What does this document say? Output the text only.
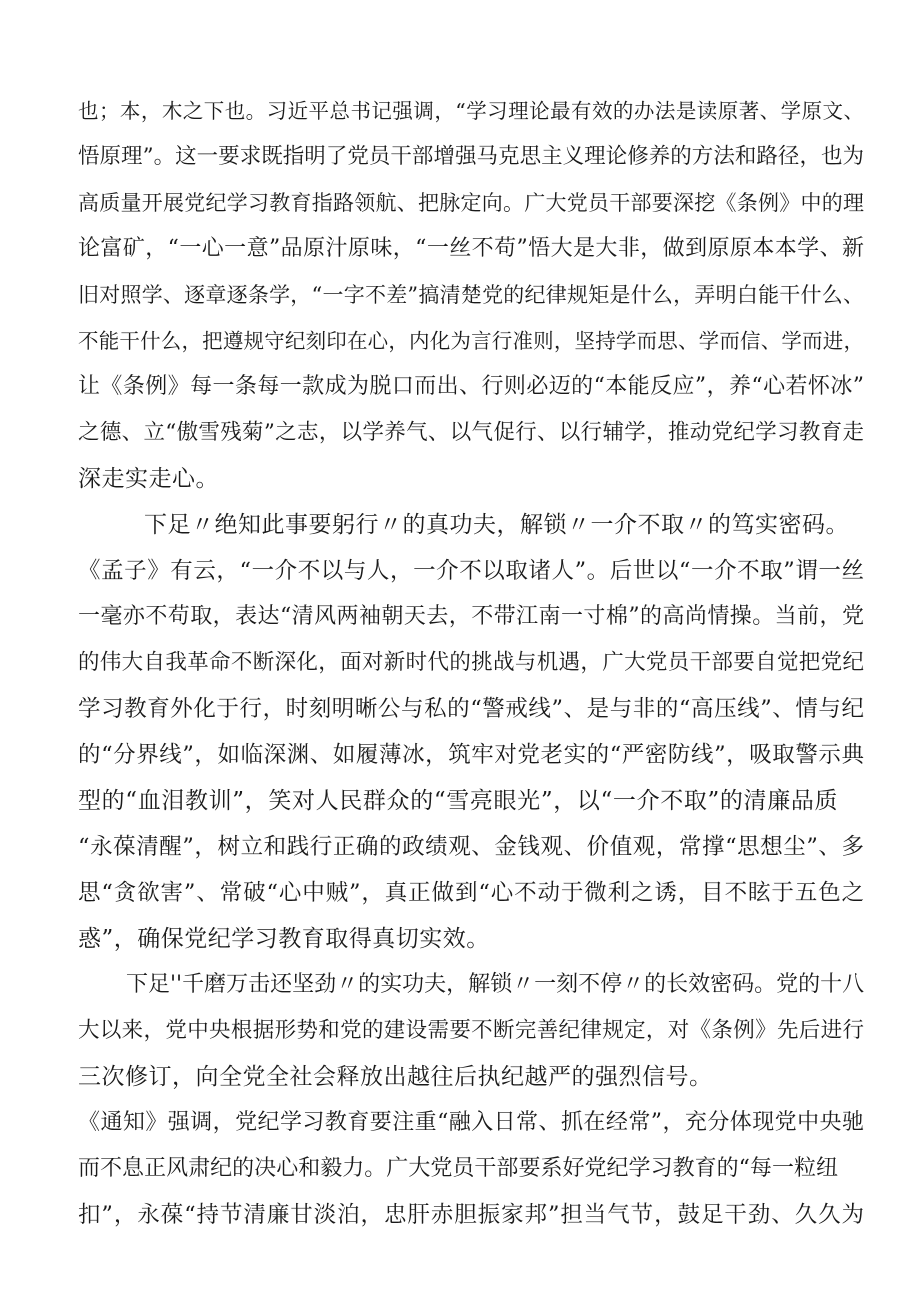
也；本，木之下也。习近平总书记强调，“学习理论最有效的办法是读原著、学原文、
悟原理”。这一要求既指明了党员干部增强马克思主义理论修养的方法和路径，也为
高质量开展党纪学习教育指路领航、把脉定向。广大党员干部要深挖《条例》中的理
论富矿，“一心一意”品原汁原味，“一丝不苟”悟大是大非，做到原原本本学、新
旧对照学、逐章逐条学，“一字不差”搞清楚党的纪律规矩是什么，弄明白能干什么、
不能干什么，把遵规守纪刻印在心，内化为言行准则，坚持学而思、学而信、学而进，
让《条例》每一条每一款成为脱口而出、行则必迈的“本能反应”，养“心若怀冰”
之德、立“傲雪残菊”之志，以学养气、以气促行、以行辅学，推动党纪学习教育走
深走实走心。
下足〃绝知此事要躬行〃的真功夫，解锁〃一介不取〃的笃实密码。
《孟子》有云，“一介不以与人，一介不以取诸人”。后世以“一介不取”谓一丝
一毫亦不苟取，表达“清风两袖朝天去，不带江南一寸棉”的高尚情操。当前，党
的伟大自我革命不断深化，面对新时代的挑战与机遇，广大党员干部要自觉把党纪
学习教育外化于行，时刻明晰公与私的“警戒线”、是与非的“高压线”、情与纪
的“分界线”，如临深渊、如履薄冰，筑牢对党老实的“严密防线”，吸取警示典
型的“血泪教训”，笑对人民群众的“雪亮眼光”，以“一介不取”的清廉品质
“永葆清醒”，树立和践行正确的政绩观、金钱观、价值观，常撑“思想尘”、多
思“贪欲害”、常破“心中贼”，真正做到“心不动于微利之诱，目不眩于五色之
惑”，确保党纪学习教育取得真切实效。
下足''千磨万击还坚劲〃的实功夫，解锁〃一刻不停〃的长效密码。党的十八
大以来，党中央根据形势和党的建设需要不断完善纪律规定，对《条例》先后进行
三次修订，向全党全社会释放出越往后执纪越严的强烈信号。
《通知》强调，党纪学习教育要注重“融入日常、抓在经常”，充分体现党中央驰
而不息正风肃纪的决心和毅力。广大党员干部要系好党纪学习教育的“每一粒纽
扣”，永葆“持节清廉甘淡泊，忠肝赤胆振家邦”担当气节，鼓足干劲、久久为
